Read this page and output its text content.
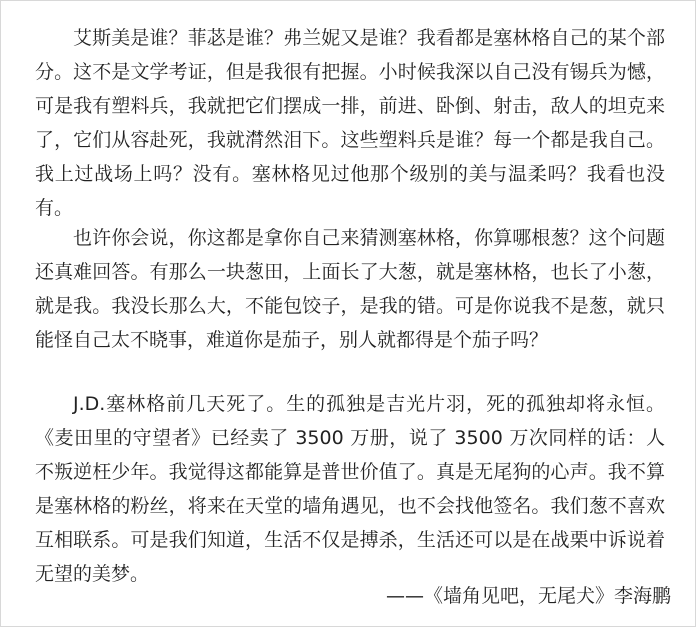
艾斯美是谁？菲苾是谁？弗兰妮又是谁？我看都是塞林格自己的某个部分。这不是文学考证，但是我很有把握。小时候我深以自己没有锡兵为憾，可是我有塑料兵，我就把它们摆成一排，前进、卧倒、射击，敌人的坦克来了，它们从容赴死，我就潸然泪下。这些塑料兵是谁？每一个都是我自己。我上过战场上吗？没有。塞林格见过他那个级别的美与温柔吗？我看也没有。

也许你会说，你这都是拿你自己来猜测塞林格，你算哪根葱？这个问题还真难回答。有那么一块葱田，上面长了大葱，就是塞林格，也长了小葱，就是我。我没长那么大，不能包饺子，是我的错。可是你说我不是葱，就只能怪自己太不晓事，难道你是茄子，别人就都得是个茄子吗？

J.D.塞林格前几天死了。生的孤独是吉光片羽，死的孤独却将永恒。《麦田里的守望者》已经卖了 3500 万册，说了 3500 万次同样的话：人不叛逆枉少年。我觉得这都能算是普世价值了。真是无尾狗的心声。我不算是塞林格的粉丝，将来在天堂的墙角遇见，也不会找他签名。我们葱不喜欢互相联系。可是我们知道，生活不仅是搏杀，生活还可以是在战栗中诉说着无望的美梦。

——《墙角见吧，无尾犬》李海鹏
